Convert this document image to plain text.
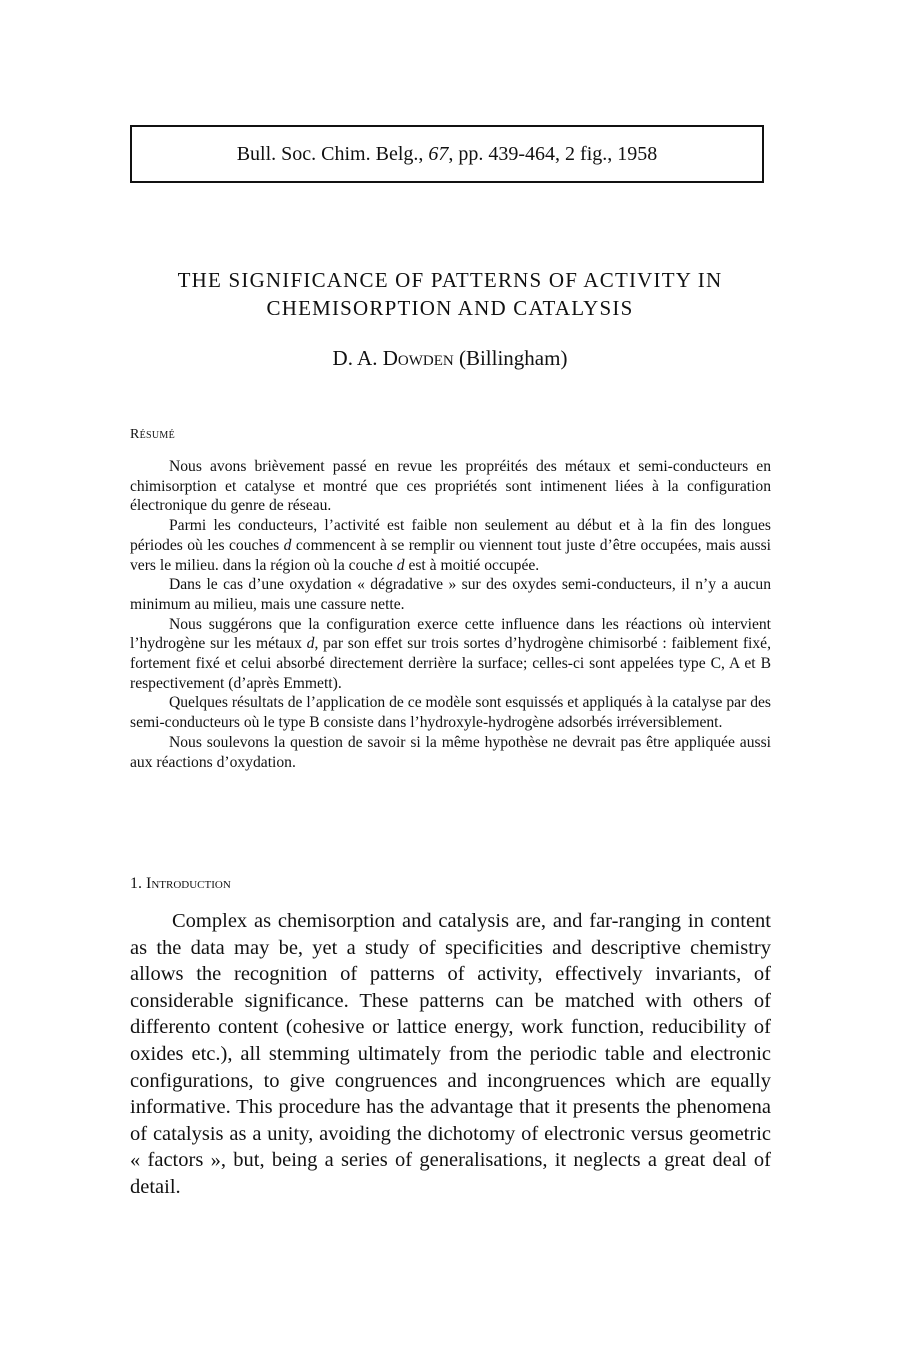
Bull. Soc. Chim. Belg., 67, pp. 439-464, 2 fig., 1958
THE SIGNIFICANCE OF PATTERNS OF ACTIVITY IN
CHEMISORPTION AND CATALYSIS
D. A. Dowden (Billingham)
Résumé

Nous avons brièvement passé en revue les propréités des métaux et semi-conducteurs en chimisorption et catalyse et montré que ces propriétés sont intimenent liées à la configuration électronique du genre de réseau.

Parmi les conducteurs, l’activité est faible non seulement au début et à la fin des longues périodes où les couches d commencent à se remplir ou viennent tout juste d’être occupées, mais aussi vers le milieu. dans la région où la couche d est à moitié occupée.

Dans le cas d’une oxydation « dégradative » sur des oxydes semi-conducteurs, il n’y a aucun minimum au milieu, mais une cassure nette.

Nous suggérons que la configuration exerce cette influence dans les réactions où intervient l’hydrogène sur les métaux d, par son effet sur trois sortes d’hydrogène chimisorbé : faiblement fixé, fortement fixé et celui absorbé directement derrière la surface; celles-ci sont appelées type C, A et B respectivement (d’après Emmett).

Quelques résultats de l’application de ce modèle sont esquissés et appliqués à la catalyse par des semi-conducteurs où le type B consiste dans l’hydroxyle-hydrogène adsorbés irréversiblement.

Nous soulevons la question de savoir si la même hypothèse ne devrait pas être appliquée aussi aux réactions d’oxydation.

1. Introduction

Complex as chemisorption and catalysis are, and far-ranging in content as the data may be, yet a study of specificities and descriptive chemistry allows the recognition of patterns of activity, effectively invariants, of considerable significance. These patterns can be matched with others of differento content (cohesive or lattice energy, work function, reducibility of oxides etc.), all stemming ultimately from the periodic table and electronic configurations, to give congruences and incongruences which are equally informative. This procedure has the advantage that it presents the phenomena of catalysis as a unity, avoiding the dichotomy of electronic versus geometric « factors », but, being a series of generalisations, it neglects a great deal of detail.
